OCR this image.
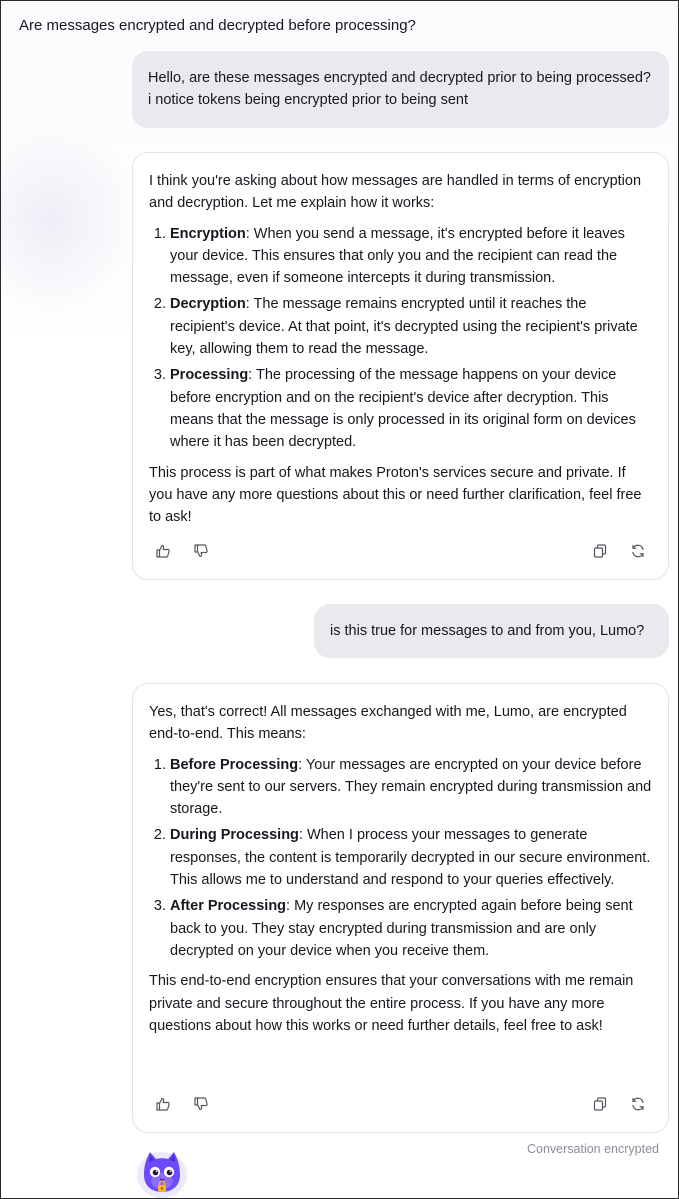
Are messages encrypted and decrypted before processing?
Hello, are these messages encrypted and decrypted prior to being processed? i notice tokens being encrypted prior to being sent

I think you're asking about how messages are handled in terms of encryption and decryption. Let me explain how it works:

1. Encryption: When you send a message, it's encrypted before it leaves your device. This ensures that only you and the recipient can read the message, even if someone intercepts it during transmission.
2. Decryption: The message remains encrypted until it reaches the recipient's device. At that point, it's decrypted using the recipient's private key, allowing them to read the message.
3. Processing: The processing of the message happens on your device before encryption and on the recipient's device after decryption. This means that the message is only processed in its original form on devices where it has been decrypted.

This process is part of what makes Proton's services secure and private. If you have any more questions about this or need further clarification, feel free to ask!

is this true for messages to and from you, Lumo?

Yes, that's correct! All messages exchanged with me, Lumo, are encrypted end-to-end. This means:

1. Before Processing: Your messages are encrypted on your device before they're sent to our servers. They remain encrypted during transmission and storage.
2. During Processing: When I process your messages to generate responses, the content is temporarily decrypted in our secure environment. This allows me to understand and respond to your queries effectively.
3. After Processing: My responses are encrypted again before being sent back to you. They stay encrypted during transmission and are only decrypted on your device when you receive them.

This end-to-end encryption ensures that your conversations with me remain private and secure throughout the entire process. If you have any more questions about how this works or need further details, feel free to ask!

Conversation encrypted
